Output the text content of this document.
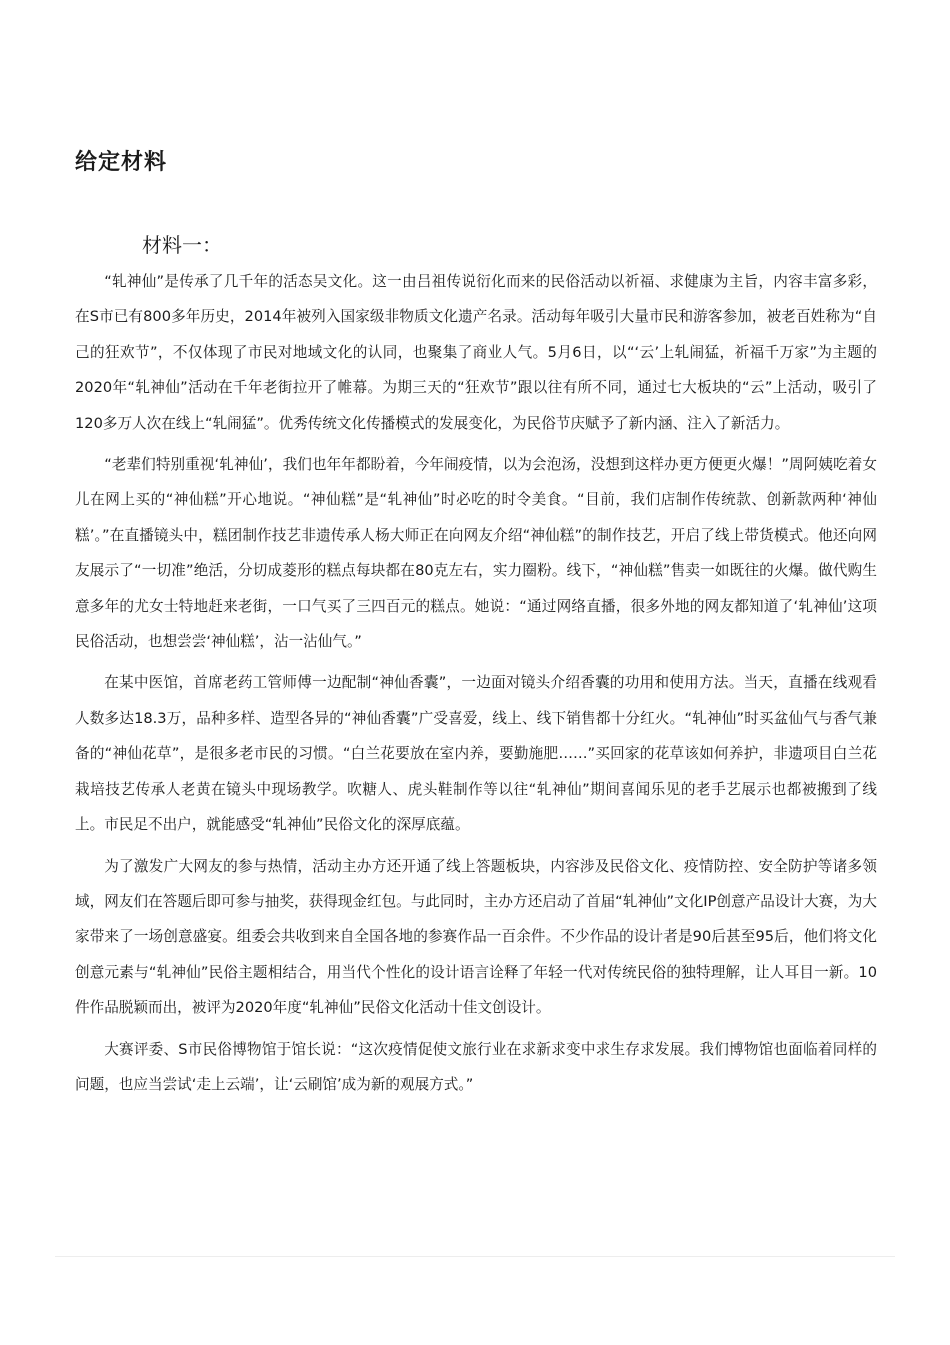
给定材料
材料一：

“轧神仙”是传承了几千年的活态吴文化。这一由吕祖传说衍化而来的民俗活动以祈福、求健康为主旨，内容丰富多彩，在S市已有800多年历史，2014年被列入国家级非物质文化遗产名录。活动每年吸引大量市民和游客参加，被老百姓称为“自己的狂欢节”，不仅体现了市民对地域文化的认同，也聚集了商业人气。5月6日，以“‘云’上轧闹猛，祈福千万家”为主题的2020年“轧神仙”活动在千年老街拉开了帷幕。为期三天的“狂欢节”跟以往有所不同，通过七大板块的“云”上活动，吸引了120多万人次在线上“轧闹猛”。优秀传统文化传播模式的发展变化，为民俗节庆赋予了新内涵、注入了新活力。

“老辈们特别重视‘轧神仙’，我们也年年都盼着，今年闹疫情，以为会泡汤，没想到这样办更方便更火爆！”周阿姨吃着女儿在网上买的“神仙糕”开心地说。“神仙糕”是“轧神仙”时必吃的时令美食。“目前，我们店制作传统款、创新款两种‘神仙糕’。”在直播镜头中，糕团制作技艺非遗传承人杨大师正在向网友介绍“神仙糕”的制作技艺，开启了线上带货模式。他还向网友展示了“一切准”绝活，分切成菱形的糕点每块都在80克左右，实力圈粉。线下，“神仙糕”售卖一如既往的火爆。做代购生意多年的尤女士特地赶来老街，一口气买了三四百元的糕点。她说：“通过网络直播，很多外地的网友都知道了‘轧神仙’这项民俗活动，也想尝尝‘神仙糕’，沾一沾仙气。”

在某中医馆，首席老药工管师傅一边配制“神仙香囊”，一边面对镜头介绍香囊的功用和使用方法。当天，直播在线观看人数多达18.3万，品种多样、造型各异的“神仙香囊”广受喜爱，线上、线下销售都十分红火。“轧神仙”时买盆仙气与香气兼备的“神仙花草”，是很多老市民的习惯。“白兰花要放在室内养，要勤施肥……”买回家的花草该如何养护，非遗项目白兰花栽培技艺传承人老黄在镜头中现场教学。吹糖人、虎头鞋制作等以往“轧神仙”期间喜闻乐见的老手艺展示也都被搬到了线上。市民足不出户，就能感受“轧神仙”民俗文化的深厚底蕴。

为了激发广大网友的参与热情，活动主办方还开通了线上答题板块，内容涉及民俗文化、疫情防控、安全防护等诸多领域，网友们在答题后即可参与抽奖，获得现金红包。与此同时，主办方还启动了首届“轧神仙”文化IP创意产品设计大赛，为大家带来了一场创意盛宴。组委会共收到来自全国各地的参赛作品一百余件。不少作品的设计者是90后甚至95后，他们将文化创意元素与“轧神仙”民俗主题相结合，用当代个性化的设计语言诠释了年轻一代对传统民俗的独特理解，让人耳目一新。10件作品脱颖而出，被评为2020年度“轧神仙”民俗文化活动十佳文创设计。

大赛评委、S市民俗博物馆于馆长说：“这次疫情促使文旅行业在求新求变中求生存求发展。我们博物馆也面临着同样的问题，也应当尝试‘走上云端’，让‘云刷馆’成为新的观展方式。”
